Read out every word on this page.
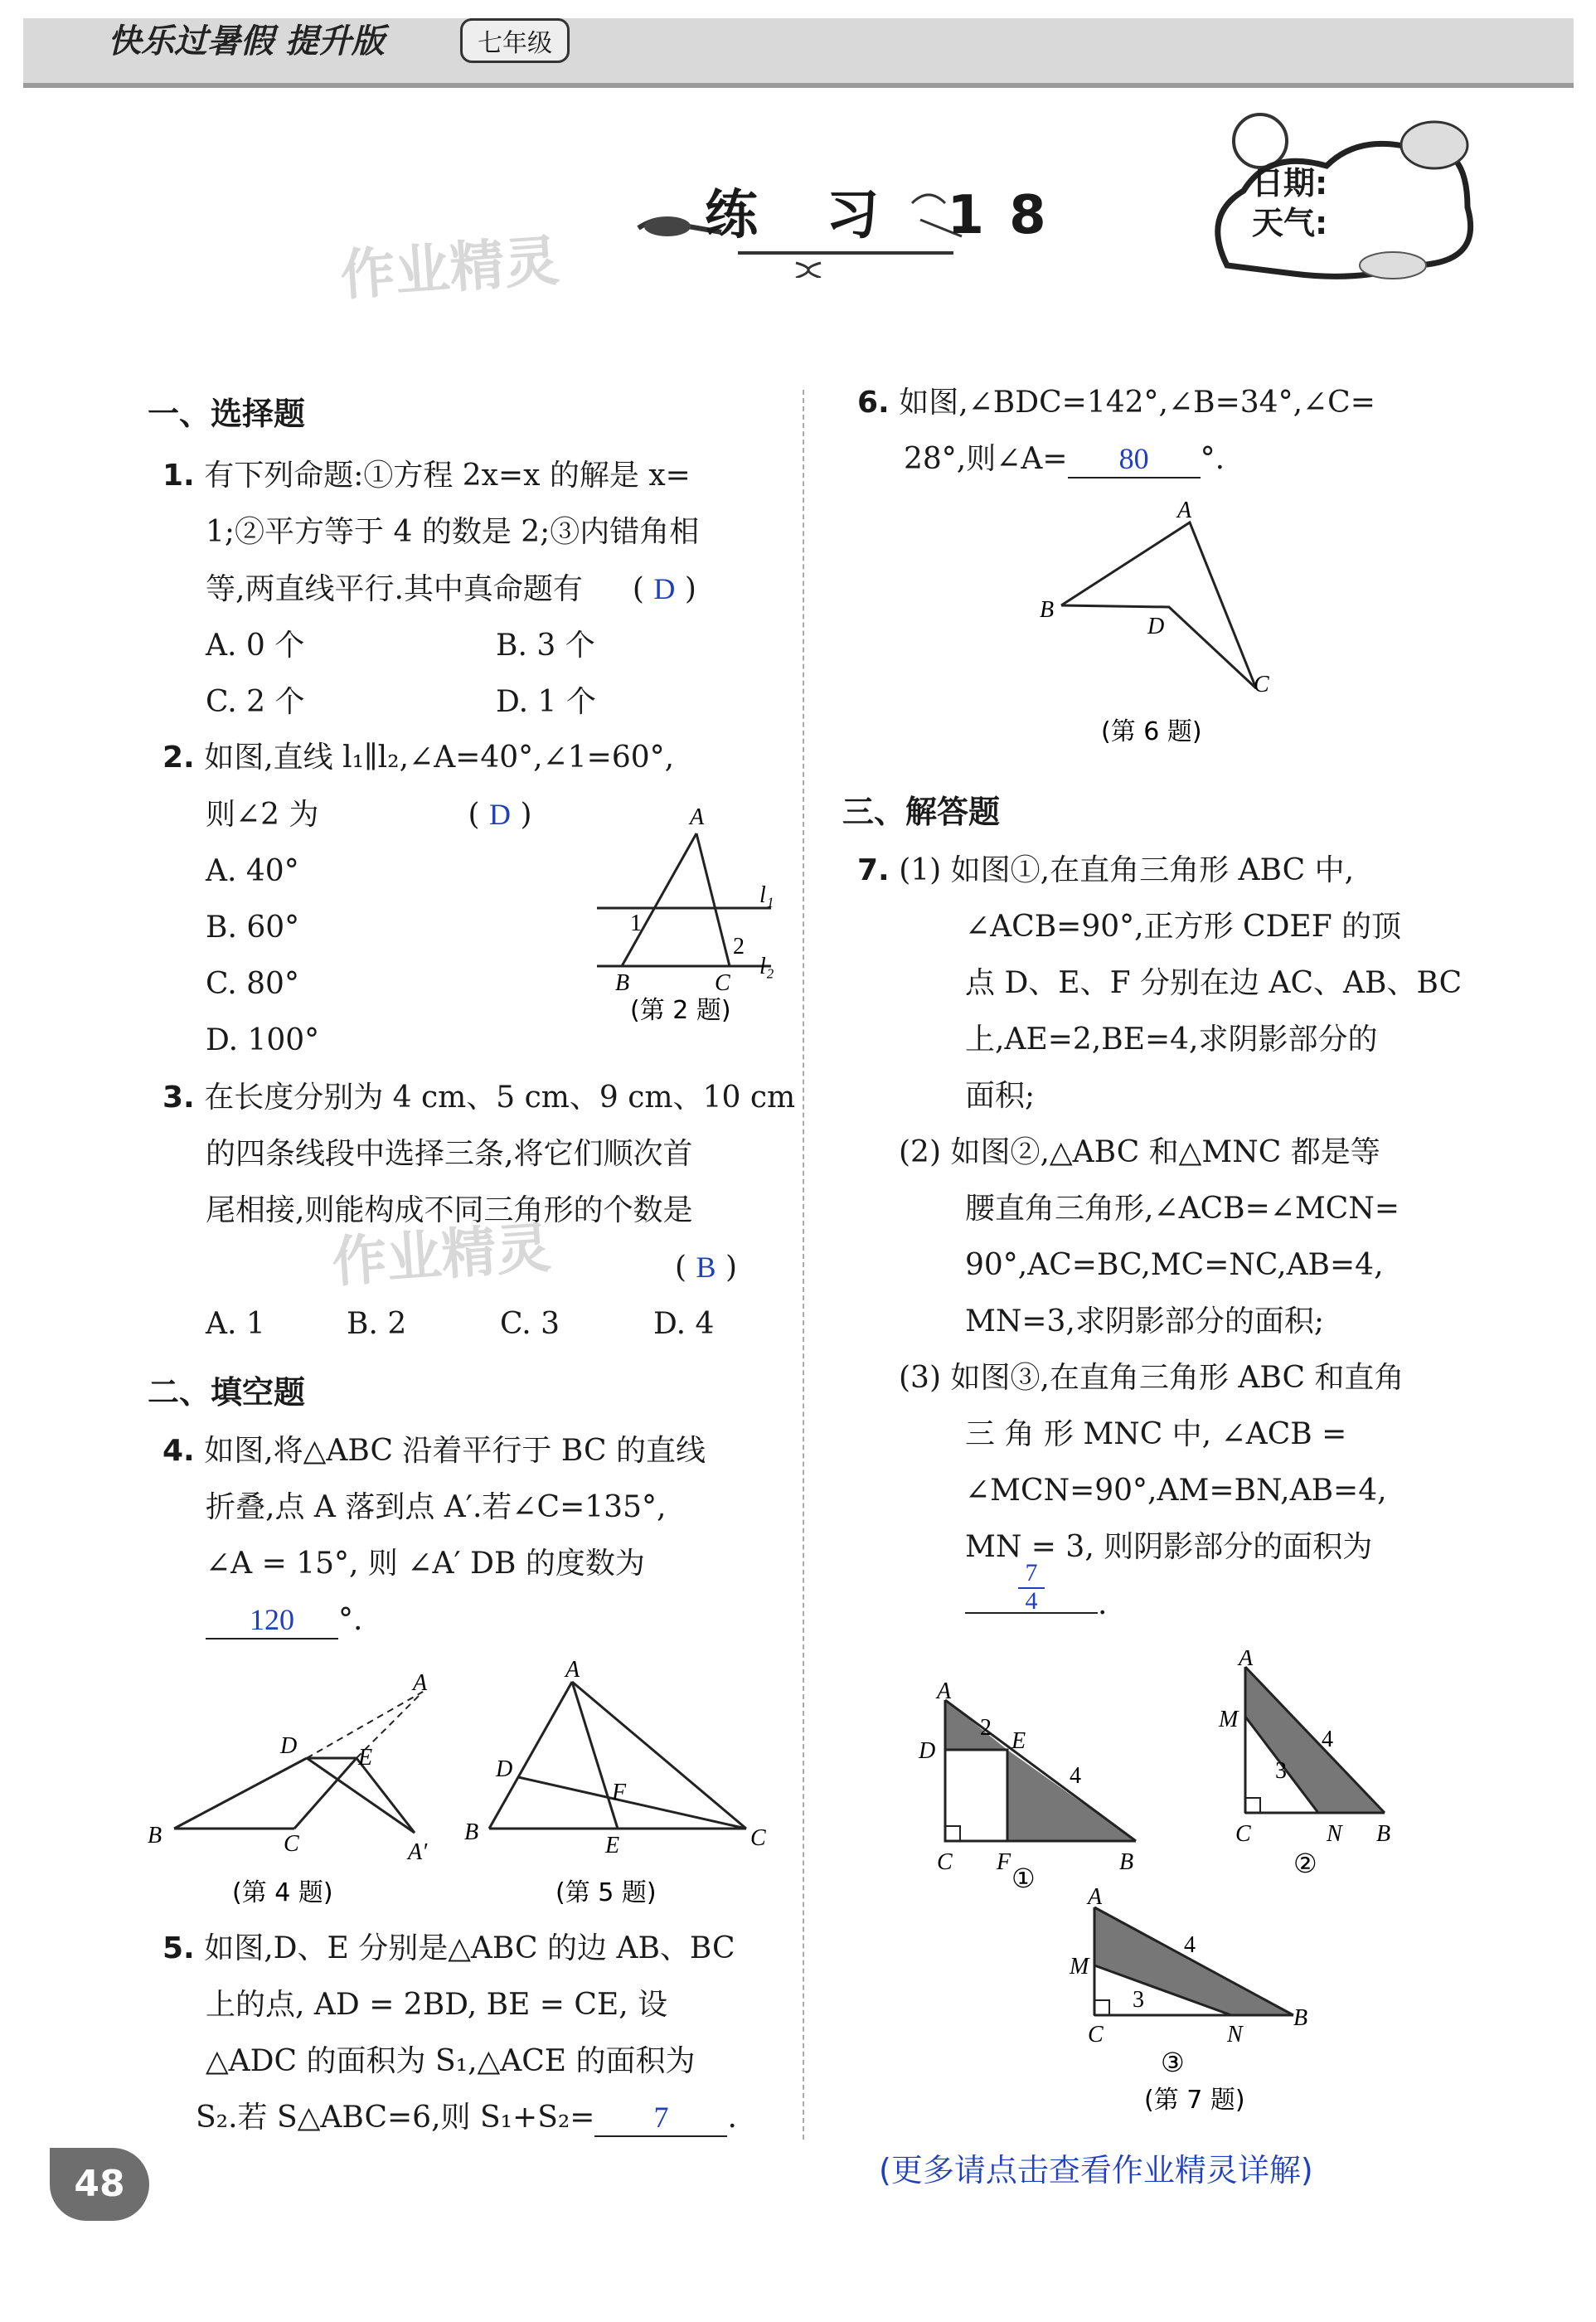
快乐过暑假 提升版	七年级
练 习 18
日期:
天气:
作业精灵
作业精灵
一、选择题
1. 有下列命题:①方程 2x=x 的解是 x=
1;②平方等于 4 的数是 2;③内错角相
等,两直线平行.其中真命题有 ( D )
A. 0 个	B. 3 个
C. 2 个	D. 1 个
2. 如图,直线 l₁∥l₂,∠A=40°,∠1=60°,
则∠2 为	( D )
A. 40°
B. 60°
C. 80°
D. 100°
A
B	C
1
2
l₁
l₂
(第 2 题)
3. 在长度分别为 4 cm、5 cm、9 cm、10 cm
的四条线段中选择三条,将它们顺次首
尾相接,则能构成不同三角形的个数是
( B )
A. 1	B. 2	C. 3	D. 4
二、填空题
4. 如图,将△ABC 沿着平行于 BC 的直线
折叠,点 A 落到点 A′.若∠C=135°,
∠A = 15°, 则 ∠A′ DB 的度数为
120 °.
A
B	C
D	E
A′
(第 4 题)
A
B	C
D
E
F
(第 5 题)
5. 如图,D、E 分别是△ABC 的边 AB、BC
上的点, AD = 2BD, BE = CE, 设
△ADC 的面积为 S₁,△ACE 的面积为
S₂.若 S△ABC=6,则 S₁+S₂= 7 .
6. 如图,∠BDC=142°,∠B=34°,∠C=
28°,则∠A= 80 °.
A
B
C
D
(第 6 题)
三、解答题
7. (1) 如图①,在直角三角形 ABC 中,
∠ACB=90°,正方形 CDEF 的顶
点 D、E、F 分别在边 AC、AB、BC
上,AE=2,BE=4,求阴影部分的
面积;
(2) 如图②,△ABC 和△MNC 都是等
腰直角三角形,∠ACB=∠MCN=
90°,AC=BC,MC=NC,AB=4,
MN=3,求阴影部分的面积;
(3) 如图③,在直角三角形 ABC 和直角
三 角 形 MNC 中, ∠ACB =
∠MCN=90°,AM=BN,AB=4,
MN = 3, 则阴影部分的面积为
$\frac{7}{4}$ .
A
D	E
C F	B
2
4
①
A
M
C	N B
4
3
②
A
M
C	N
B
4
3
③
(第 7 题)
48	(更多请点击查看作业精灵详解)
